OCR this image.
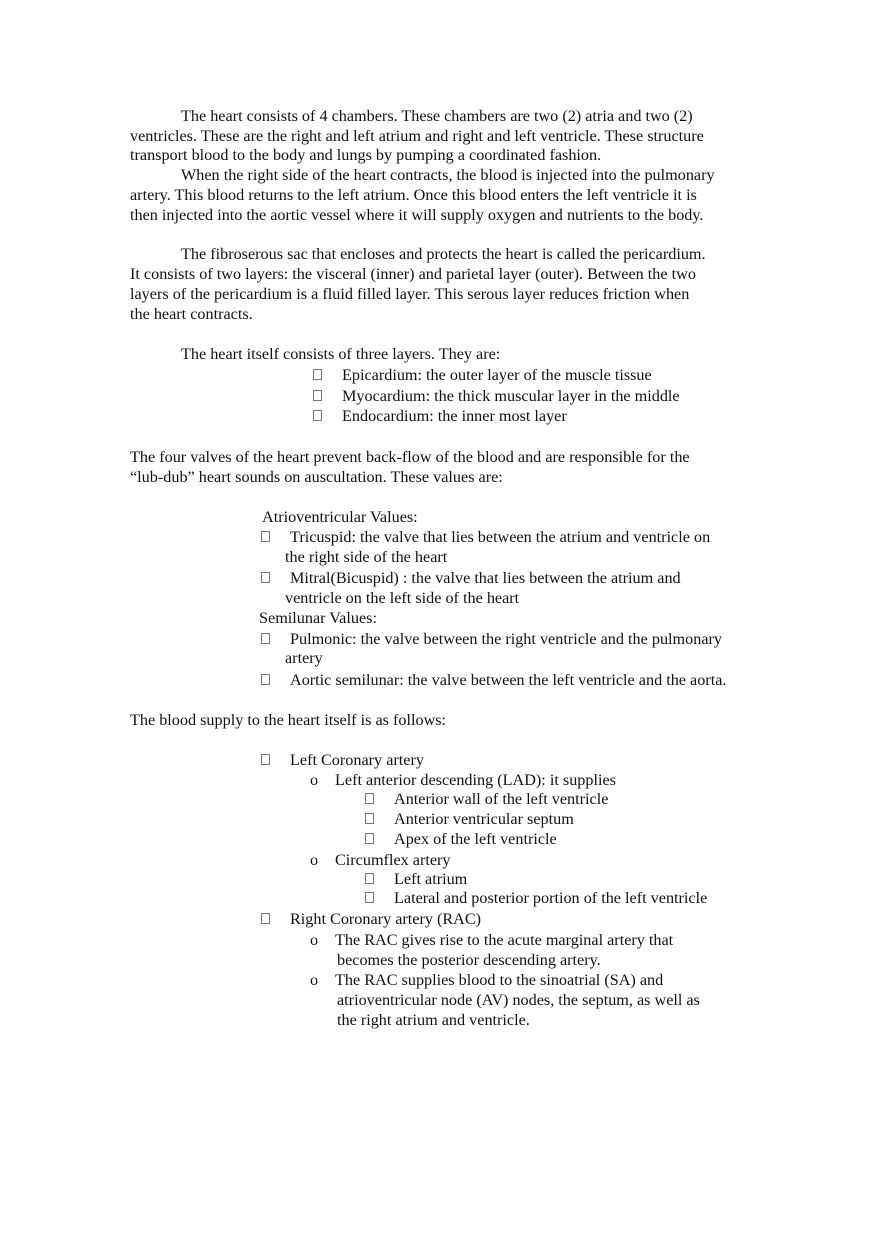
The heart consists of 4 chambers. These chambers are two (2) atria and two (2)
ventricles. These are the right and left atrium and right and left ventricle. These structure
transport blood to the body and lungs by pumping a coordinated fashion.
When the right side of the heart contracts, the blood is injected into the pulmonary
artery. This blood returns to the left atrium. Once this blood enters the left ventricle it is
then injected into the aortic vessel where it will supply oxygen and nutrients to the body.
The fibroserous sac that encloses and protects the heart is called the pericardium.
It consists of two layers: the visceral (inner) and parietal layer (outer). Between the two
layers of the pericardium is a fluid filled layer. This serous layer reduces friction when
the heart contracts.
The heart itself consists of three layers. They are:
Epicardium: the outer layer of the muscle tissue
Myocardium: the thick muscular layer in the middle
Endocardium: the inner most layer
The four valves of the heart prevent back-flow of the blood and are responsible for the
“lub-dub” heart sounds on auscultation. These values are:
Atrioventricular Values:
Tricuspid: the valve that lies between the atrium and ventricle on
the right side of the heart
Mitral(Bicuspid) : the valve that lies between the atrium and
ventricle on the left side of the heart
Semilunar Values:
Pulmonic: the valve between the right ventricle and the pulmonary
artery
Aortic semilunar: the valve between the left ventricle and the aorta.
The blood supply to the heart itself is as follows:
Left Coronary artery
o Left anterior descending (LAD): it supplies
Anterior wall of the left ventricle
Anterior ventricular septum
Apex of the left ventricle
o Circumflex artery
Left atrium
Lateral and posterior portion of the left ventricle
Right Coronary artery (RAC)
o The RAC gives rise to the acute marginal artery that
becomes the posterior descending artery.
o The RAC supplies blood to the sinoatrial (SA) and
atrioventricular node (AV) nodes, the septum, as well as
the right atrium and ventricle.
